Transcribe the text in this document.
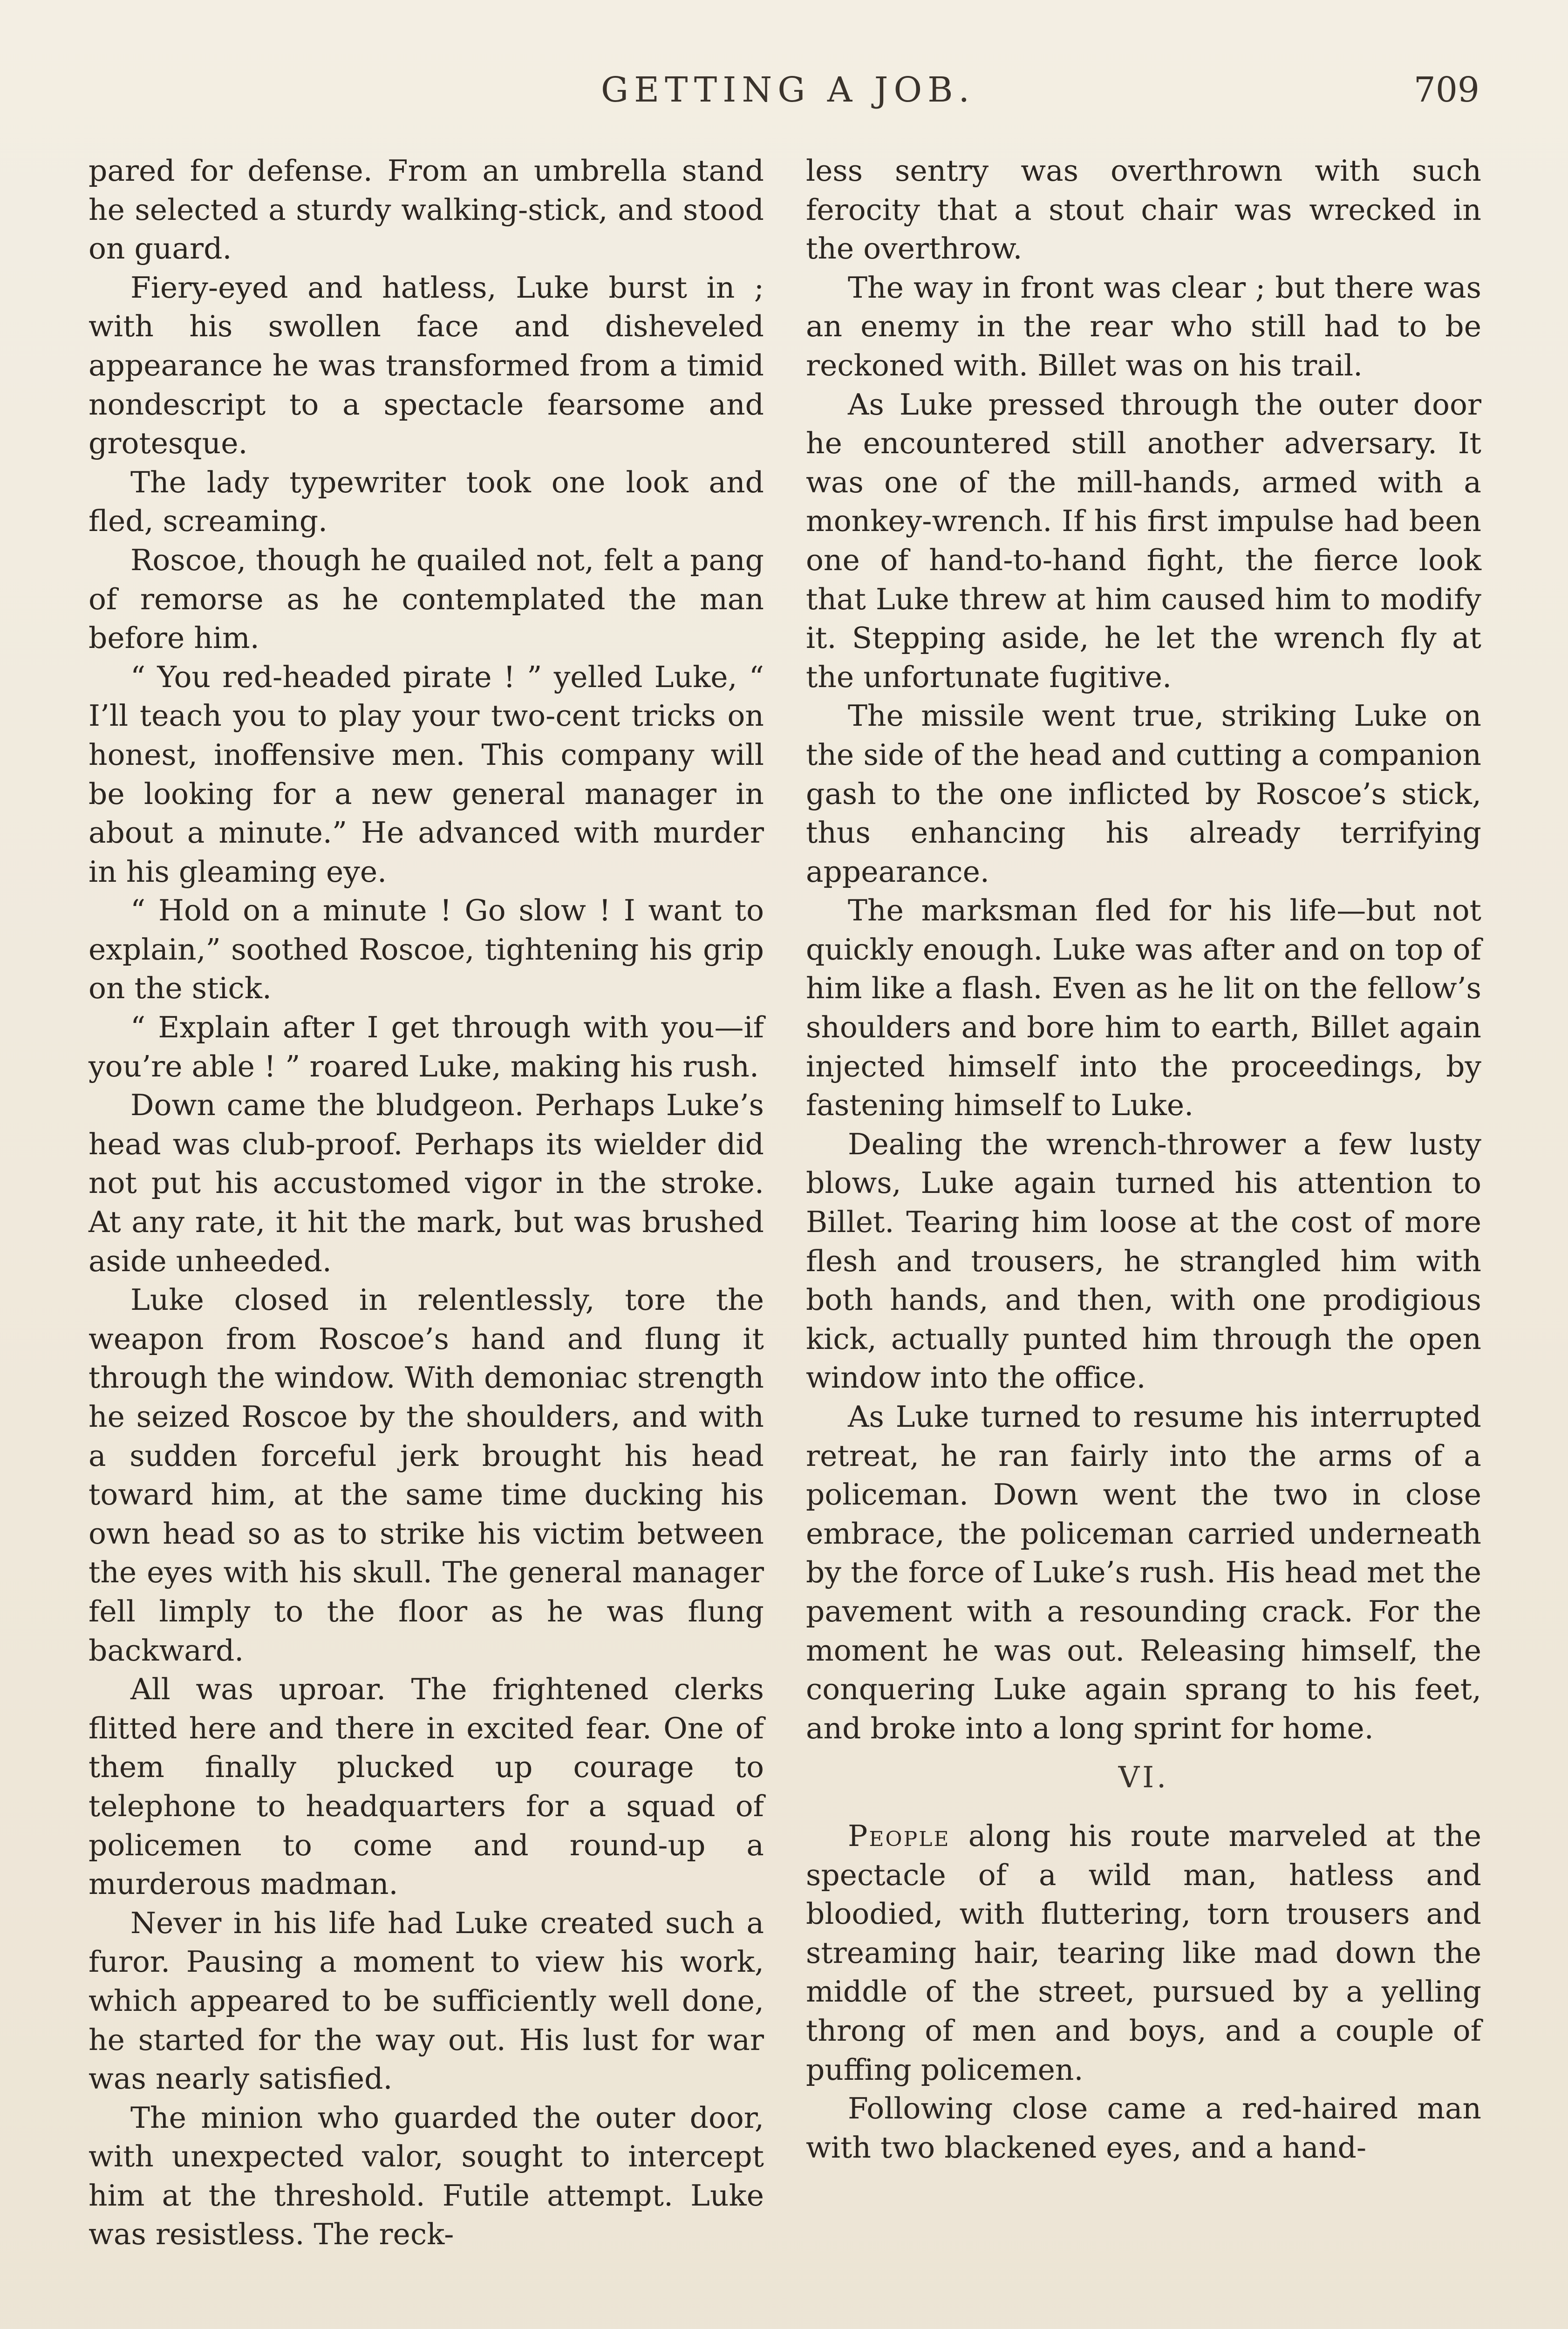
GETTING A JOB.	709

pared for defense. From an umbrella stand he selected a sturdy walking-stick, and stood on guard.

Fiery-eyed and hatless, Luke burst in ; with his swollen face and disheveled appearance he was transformed from a timid nondescript to a spectacle fearsome and grotesque.

The lady typewriter took one look and fled, screaming.

Roscoe, though he quailed not, felt a pang of remorse as he contemplated the man before him.

“ You red-headed pirate ! ” yelled Luke, “ I’ll teach you to play your two-cent tricks on honest, inoffensive men. This company will be looking for a new general manager in about a minute.” He advanced with murder in his gleaming eye.

“ Hold on a minute ! Go slow ! I want to explain,” soothed Roscoe, tightening his grip on the stick.

“ Explain after I get through with you—if you’re able ! ” roared Luke, making his rush.

Down came the bludgeon. Perhaps Luke’s head was club-proof. Perhaps its wielder did not put his accustomed vigor in the stroke. At any rate, it hit the mark, but was brushed aside unheeded.

Luke closed in relentlessly, tore the weapon from Roscoe’s hand and flung it through the window. With demoniac strength he seized Roscoe by the shoulders, and with a sudden forceful jerk brought his head toward him, at the same time ducking his own head so as to strike his victim between the eyes with his skull. The general manager fell limply to the floor as he was flung backward.

All was uproar. The frightened clerks flitted here and there in excited fear. One of them finally plucked up courage to telephone to headquarters for a squad of policemen to come and round-up a murderous madman.

Never in his life had Luke created such a furor. Pausing a moment to view his work, which appeared to be sufficiently well done, he started for the way out. His lust for war was nearly satisfied.

The minion who guarded the outer door, with unexpected valor, sought to intercept him at the threshold. Futile attempt. Luke was resistless. The reck-

less sentry was overthrown with such ferocity that a stout chair was wrecked in the overthrow.

The way in front was clear ; but there was an enemy in the rear who still had to be reckoned with. Billet was on his trail.

As Luke pressed through the outer door he encountered still another adversary. It was one of the mill-hands, armed with a monkey-wrench. If his first impulse had been one of hand-to-hand fight, the fierce look that Luke threw at him caused him to modify it. Stepping aside, he let the wrench fly at the unfortunate fugitive.

The missile went true, striking Luke on the side of the head and cutting a companion gash to the one inflicted by Roscoe’s stick, thus enhancing his already terrifying appearance.

The marksman fled for his life—but not quickly enough. Luke was after and on top of him like a flash. Even as he lit on the fellow’s shoulders and bore him to earth, Billet again injected himself into the proceedings, by fastening himself to Luke.

Dealing the wrench-thrower a few lusty blows, Luke again turned his attention to Billet. Tearing him loose at the cost of more flesh and trousers, he strangled him with both hands, and then, with one prodigious kick, actually punted him through the open window into the office.

As Luke turned to resume his interrupted retreat, he ran fairly into the arms of a policeman. Down went the two in close embrace, the policeman carried underneath by the force of Luke’s rush. His head met the pavement with a resounding crack. For the moment he was out. Releasing himself, the conquering Luke again sprang to his feet, and broke into a long sprint for home.

VI.

People along his route marveled at the spectacle of a wild man, hatless and bloodied, with fluttering, torn trousers and streaming hair, tearing like mad down the middle of the street, pursued by a yelling throng of men and boys, and a couple of puffing policemen.

Following close came a red-haired man with two blackened eyes, and a hand-
